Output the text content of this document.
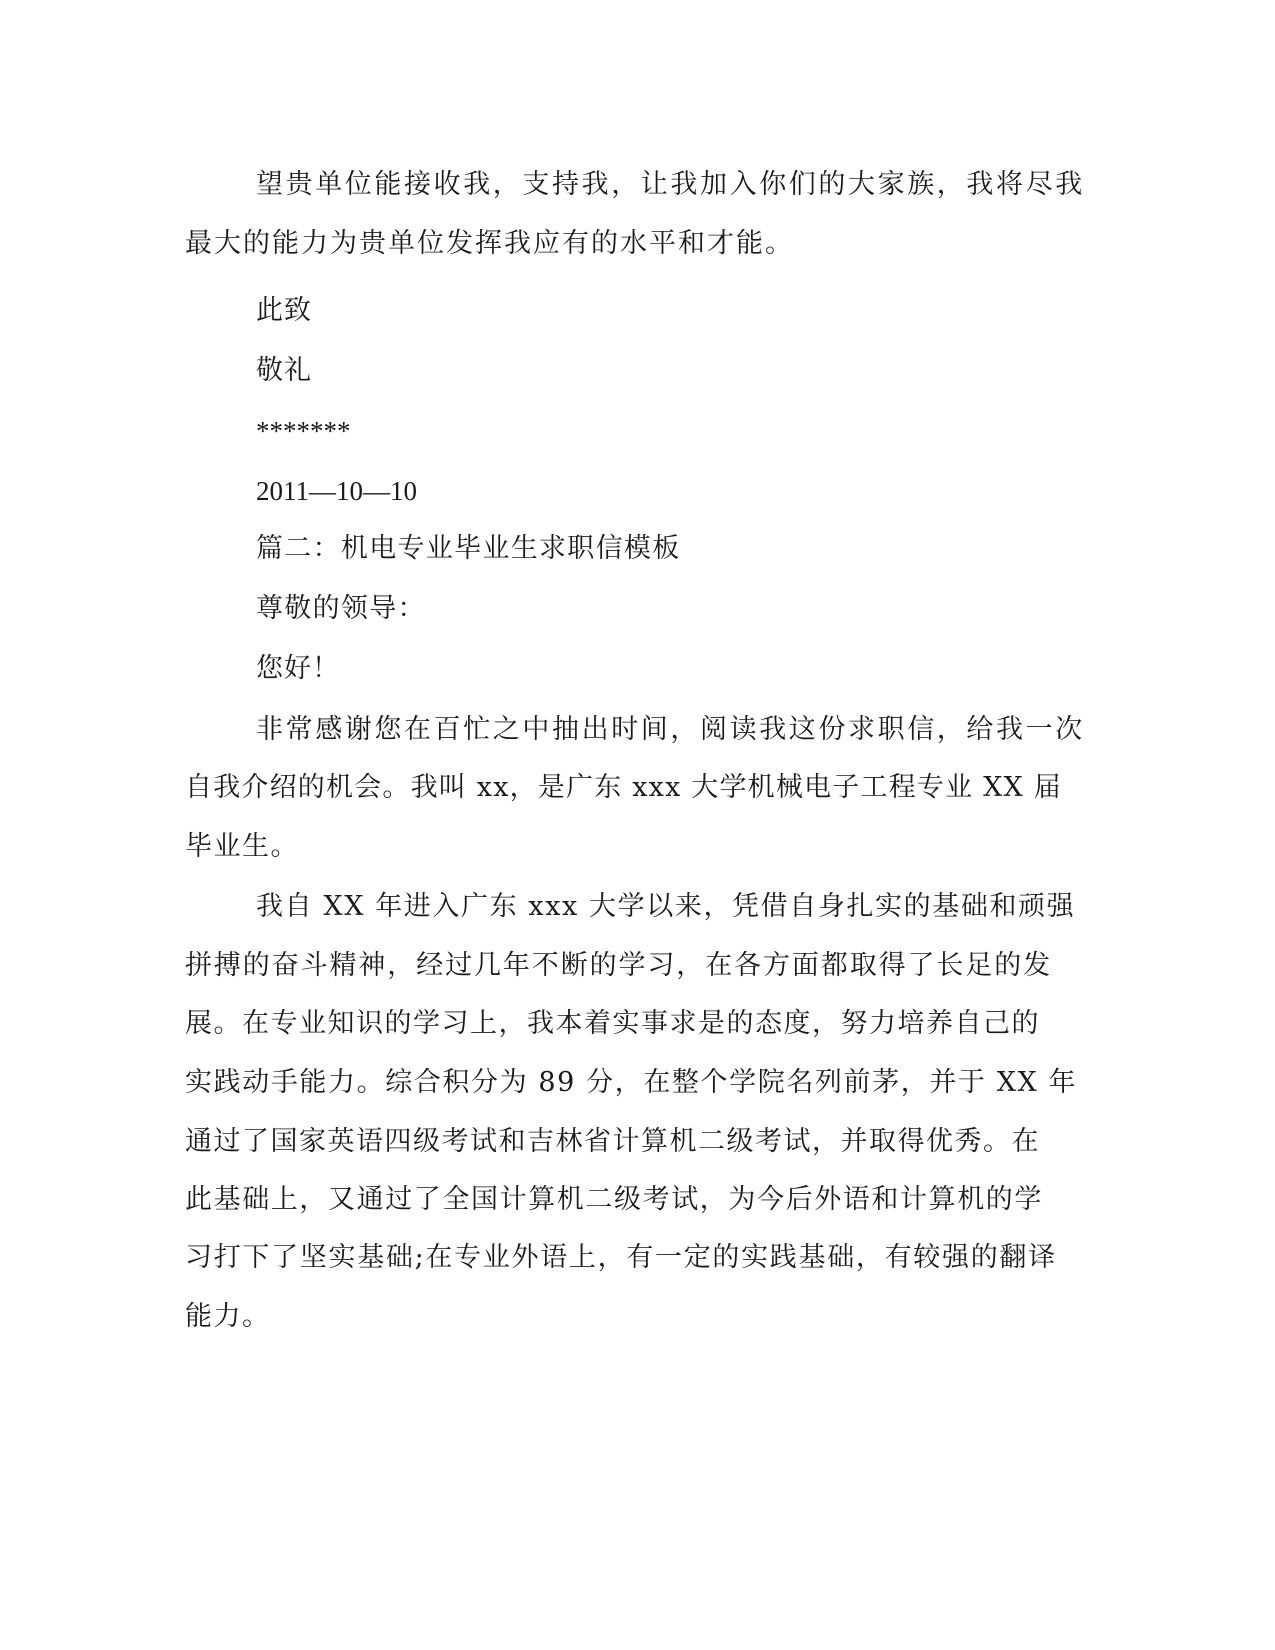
望贵单位能接收我，支持我，让我加入你们的大家族，我将尽我
最大的能力为贵单位发挥我应有的水平和才能。
此致
敬礼
*******
2011—10—10
篇二：机电专业毕业生求职信模板
尊敬的领导：
您好！
非常感谢您在百忙之中抽出时间，阅读我这份求职信，给我一次
自我介绍的机会。我叫 xx，是广东 xxx 大学机械电子工程专业 XX 届
毕业生。
我自 XX 年进入广东 xxx 大学以来，凭借自身扎实的基础和顽强
拼搏的奋斗精神，经过几年不断的学习，在各方面都取得了长足的发
展。在专业知识的学习上，我本着实事求是的态度，努力培养自己的
实践动手能力。综合积分为 89 分，在整个学院名列前茅，并于 XX 年
通过了国家英语四级考试和吉林省计算机二级考试，并取得优秀。在
此基础上，又通过了全国计算机二级考试，为今后外语和计算机的学
习打下了坚实基础;在专业外语上，有一定的实践基础，有较强的翻译
能力。
